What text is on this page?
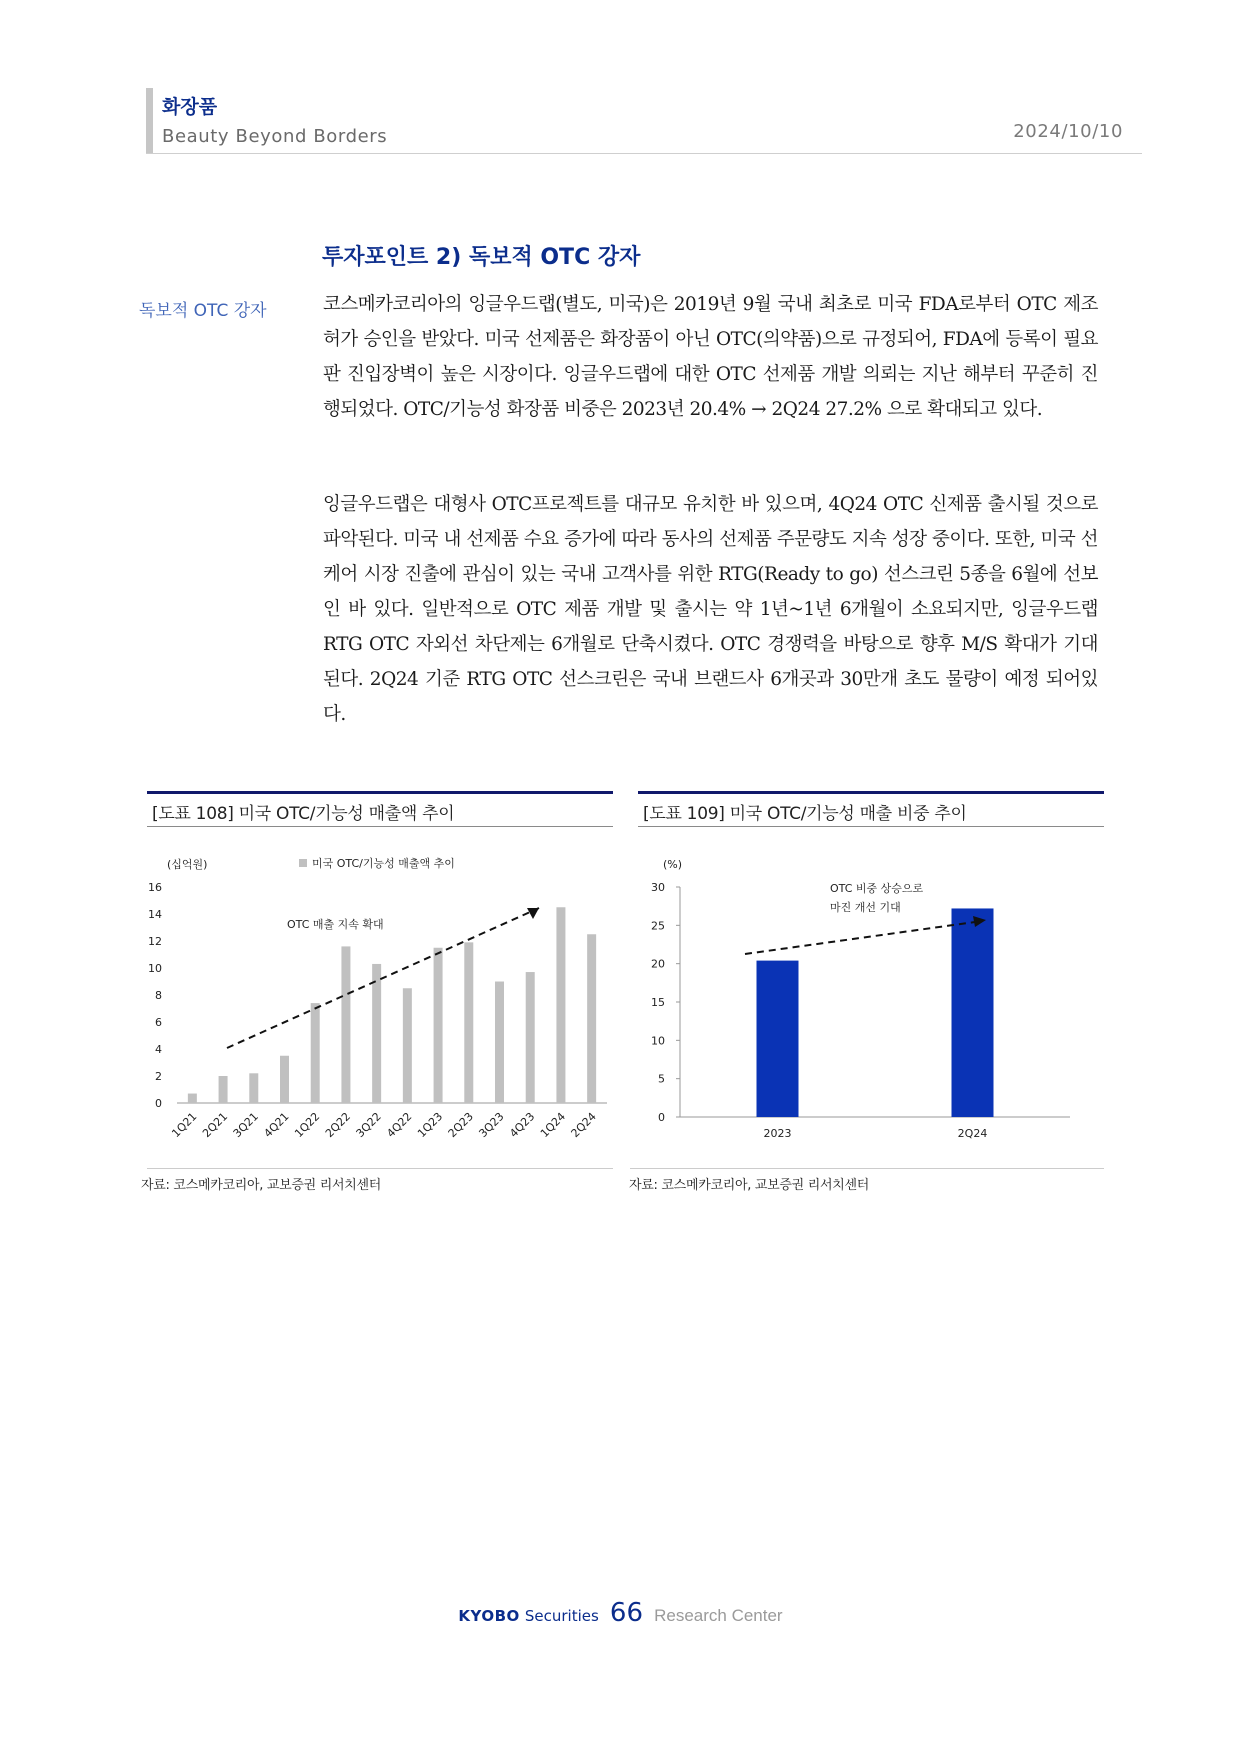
화장품
Beauty Beyond Borders	2024/10/10
투자포인트 2) 독보적 OTC 강자
독보적 OTC 강자	코스메카코리아의 잉글우드랩(별도, 미국)은 2019년 9월 국내 최초로 미국 FDA로부터 OTC 제조 허가 승인을 받았다. 미국 선제품은 화장품이 아닌 OTC(의약품)으로 규정되어, FDA에 등록이 필요판 진입장벽이 높은 시장이다. 잉글우드랩에 대한 OTC 선제품 개발 의뢰는 지난 해부터 꾸준히 진행되었다. OTC/기능성 화장품 비중은 2023년 20.4% → 2Q24 27.2% 으로 확대되고 있다.
잉글우드랩은 대형사 OTC프로젝트를 대규모 유치한 바 있으며, 4Q24 OTC 신제품 출시될 것으로 파악된다. 미국 내 선제품 수요 증가에 따라 동사의 선제품 주문량도 지속 성장 중이다. 또한, 미국 선케어 시장 진출에 관심이 있는 국내 고객사를 위한 RTG(Ready to go) 선스크린 5종을 6월에 선보인 바 있다. 일반적으로 OTC 제품 개발 및 출시는 약 1년~1년 6개월이 소요되지만, 잉글우드랩 RTG OTC 자외선 차단제는 6개월로 단축시켰다. OTC 경쟁력을 바탕으로 향후 M/S 확대가 기대된다. 2Q24 기준 RTG OTC 선스크린은 국내 브랜드사 6개곳과 30만개 초도 물량이 예정 되어있다.
[도표 108] 미국 OTC/기능성 매출액 추이	[도표 109] 미국 OTC/기능성 매출 비중 추이
(십억원)	미국 OTC/기능성 매출액 추이
OTC 매출 지속 확대
0
2
4
6
8
10
12
14
16
1Q21 2Q21 3Q21 4Q21 1Q22 2Q22 3Q22 4Q22 1Q23 2Q23 3Q23 4Q23 1Q24 2Q24
(%)
OTC 비중 상승으로
마진 개선 기대
0
5
10
15
20
25
30
2023	2Q24
자료: 코스메카코리아, 교보증권 리서치센터	자료: 코스메카코리아, 교보증권 리서치센터
KYOBO Securities 66 Research Center
